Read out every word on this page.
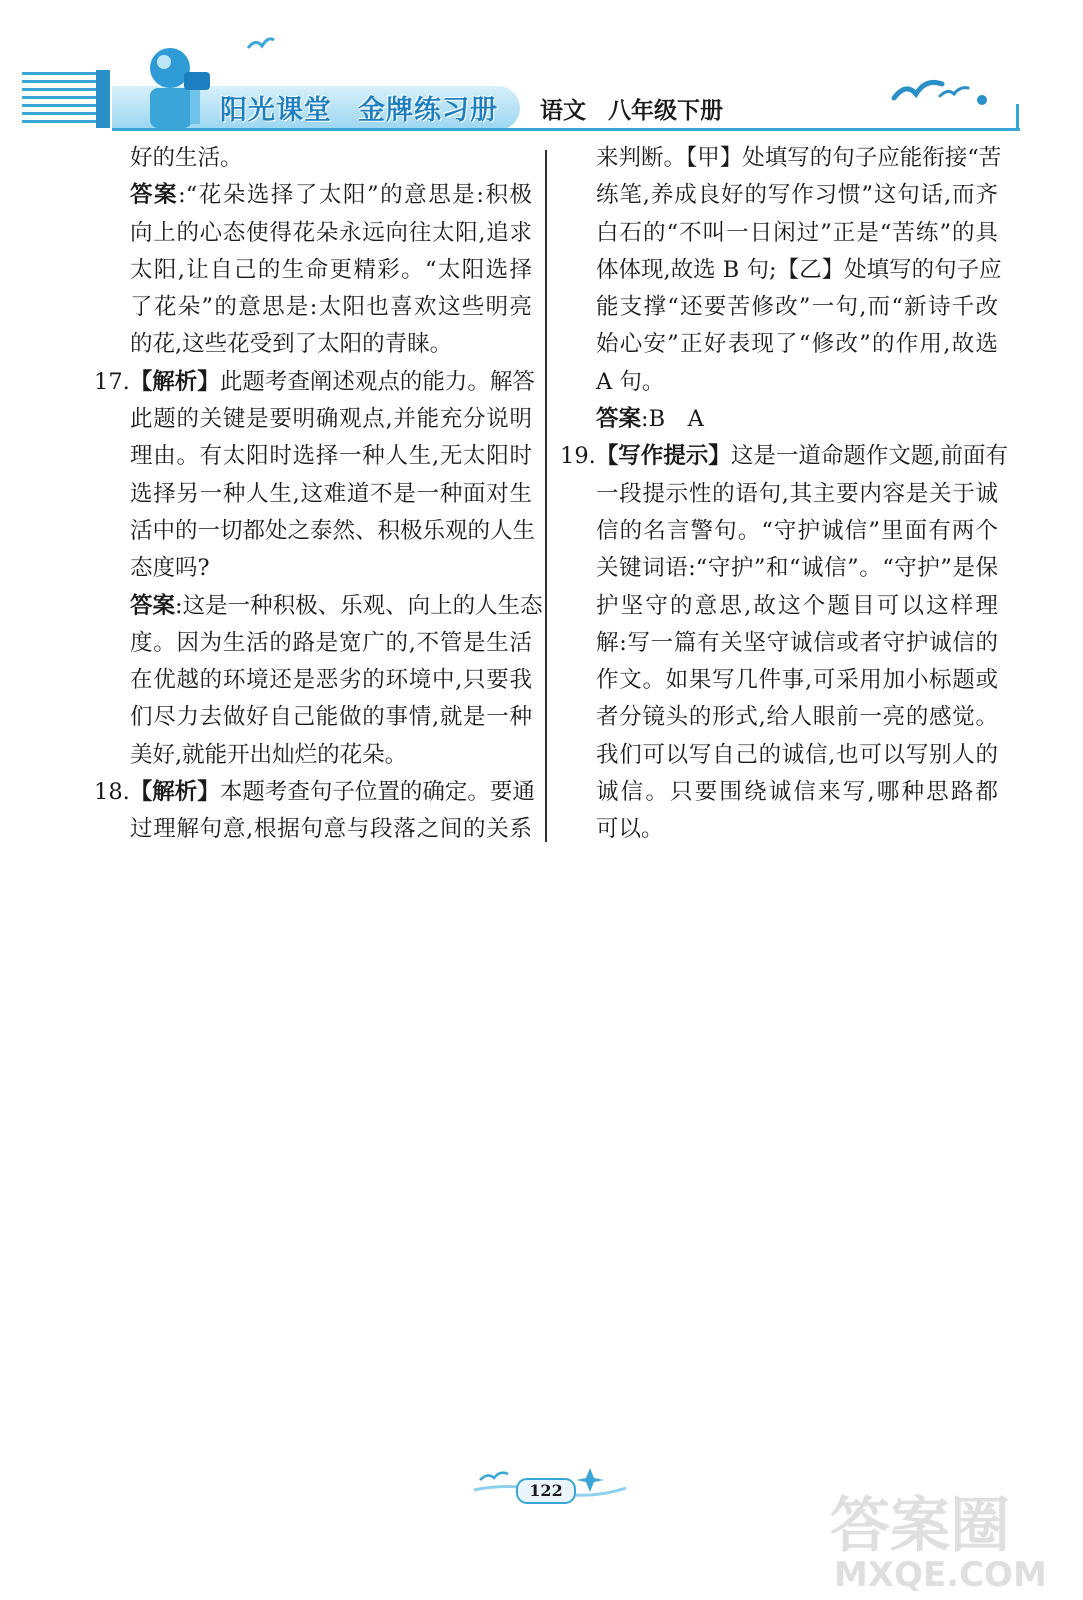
阳光课堂 金牌练习册 语文 八年级下册
好的生活。
答案:“花朵选择了太阳”的意思是:积极
向上的心态使得花朵永远向往太阳,追求
太阳,让自己的生命更精彩。“太阳选择
了花朵”的意思是:太阳也喜欢这些明亮
的花,这些花受到了太阳的青睐。
17.【解析】此题考查阐述观点的能力。解答
此题的关键是要明确观点,并能充分说明
理由。有太阳时选择一种人生,无太阳时
选择另一种人生,这难道不是一种面对生
活中的一切都处之泰然、积极乐观的人生
态度吗?
答案:这是一种积极、乐观、向上的人生态
度。因为生活的路是宽广的,不管是生活
在优越的环境还是恶劣的环境中,只要我
们尽力去做好自己能做的事情,就是一种
美好,就能开出灿烂的花朵。
18.【解析】本题考查句子位置的确定。要通
过理解句意,根据句意与段落之间的关系
来判断。【甲】处填写的句子应能衔接“苦
练笔,养成良好的写作习惯”这句话,而齐
白石的“不叫一日闲过”正是“苦练”的具
体体现,故选 B 句;【乙】处填写的句子应
能支撑“还要苦修改”一句,而“新诗千改
始心安”正好表现了“修改”的作用,故选
A 句。
答案:B　A
19.【写作提示】这是一道命题作文题,前面有
一段提示性的语句,其主要内容是关于诚
信的名言警句。“守护诚信”里面有两个
关键词语:“守护”和“诚信”。“守护”是保
护坚守的意思,故这个题目可以这样理
解:写一篇有关坚守诚信或者守护诚信的
作文。如果写几件事,可采用加小标题或
者分镜头的形式,给人眼前一亮的感觉。
我们可以写自己的诚信,也可以写别人的
诚信。只要围绕诚信来写,哪种思路都
可以。
122
答案圈
MXQE.COM
